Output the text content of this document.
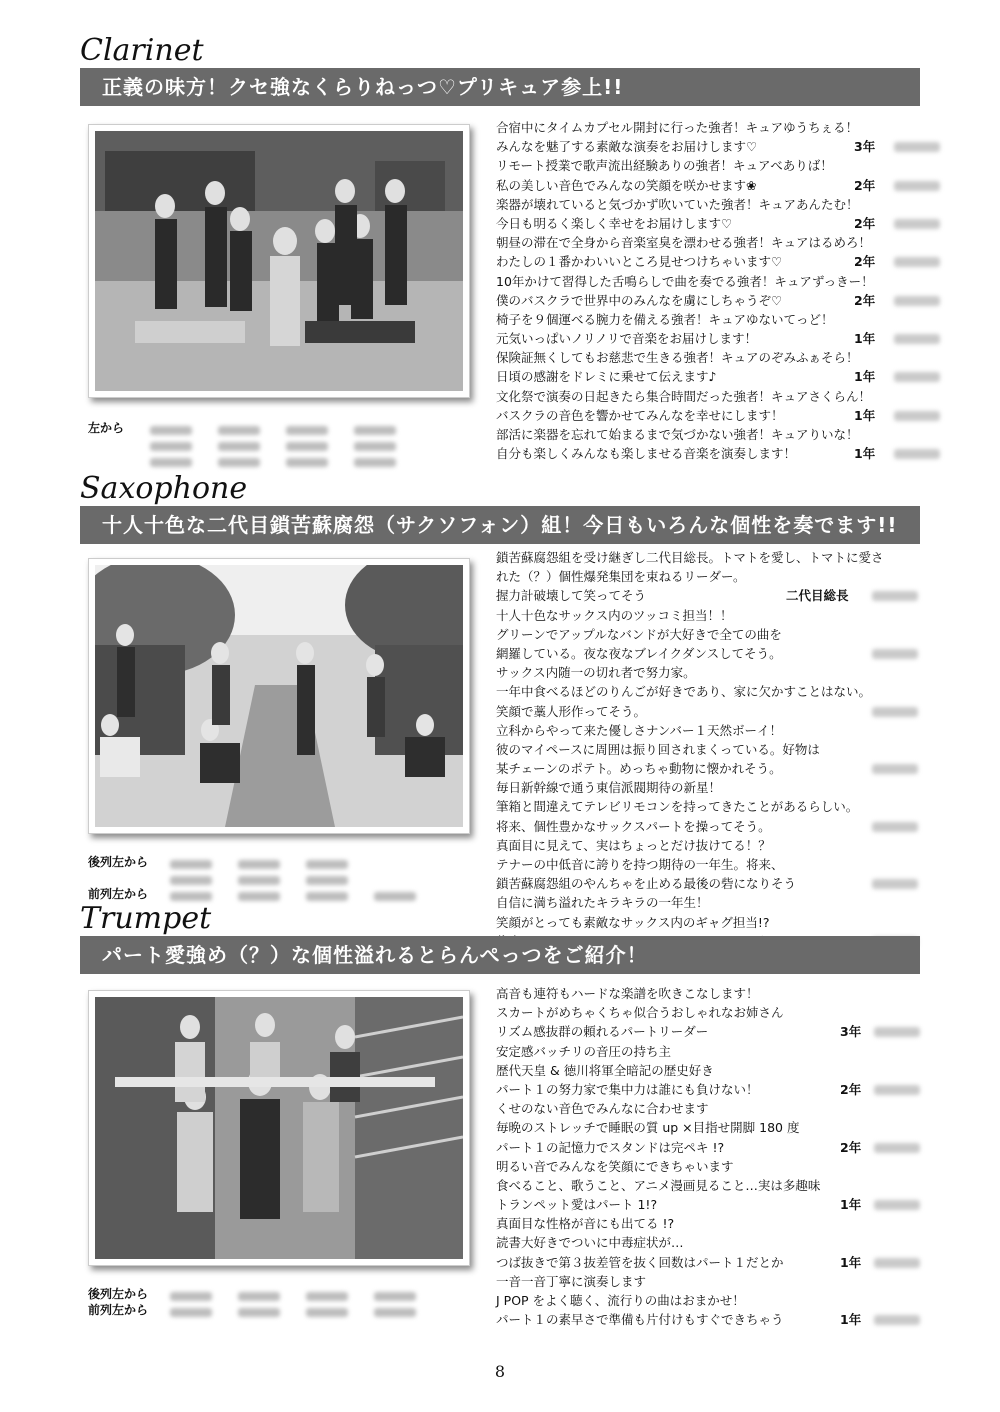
Clarinet
正義の味方！クセ強なくらりねっつ♡プリキュア参上!!
左から
合宿中にタイムカプセル開封に行った強者！キュアゆうちぇる！
みんなを魅了する素敵な演奏をお届けします♡	3年
リモート授業で歌声流出経験ありの強者！キュアべありば！
私の美しい音色でみんなの笑顔を咲かせます❀	2年
楽器が壊れていると気づかず吹いていた強者！キュアあんたむ！
今日も明るく楽しく幸せをお届けします♡	2年
朝昼の滞在で全身から音楽室臭を漂わせる強者！キュアはるめろ！
わたしの１番かわいいところ見せつけちゃいます♡	2年
10年かけて習得した舌鳴らしで曲を奏でる強者！キュアずっきー！
僕のバスクラで世界中のみんなを虜にしちゃうぞ♡	2年
椅子を９個運べる腕力を備える強者！キュアゆないてっど！
元気いっぱいノリノリで音楽をお届けします！	1年
保険証無くしてもお慈悲で生きる強者！キュアのぞみふぁそら！
日頃の感謝をドレミに乗せて伝えます♪	1年
文化祭で演奏の日起きたら集合時間だった強者！キュアさくらん！
バスクラの音色を響かせてみんなを幸せにします！	1年
部活に楽器を忘れて始まるまで気づかない強者！キュアりいな！
自分も楽しくみんなも楽しませる音楽を演奏します！	1年
Saxophone
十人十色な二代目鎖苦蘇腐怨（サクソフォン）組！今日もいろんな個性を奏でます!!
後列左から
前列左から
鎖苦蘇腐怨組を受け継ぎし二代目総長。トマトを愛し、トマトに愛さ
れた（？）個性爆発集団を束ねるリーダー。
握力計破壊して笑ってそう	二代目総長
十人十色なサックス内のツッコミ担当！！
グリーンでアップルなバンドが大好きで全ての曲を
網羅している。夜な夜なブレイクダンスしてそう。
サックス内随一の切れ者で努力家。
一年中食べるほどのりんごが好きであり、家に欠かすことはない。
笑顔で藁人形作ってそう。
立科からやって来た優しさナンバー１天然ボーイ！
彼のマイペースに周囲は振り回されまくっている。好物は
某チェーンのポテト。めっちゃ動物に懐かれそう。
毎日新幹線で通う東信派閥期待の新星！
筆箱と間違えてテレビリモコンを持ってきたことがあるらしい。
将来、個性豊かなサックスパートを操ってそう。
真面目に見えて、実はちょっとだけ抜けてる！？
テナーの中低音に誇りを持つ期待の一年生。将来、
鎖苦蘇腐怨組のやんちゃを止める最後の砦になりそう
自信に満ち溢れたキラキラの一年生！
笑顔がとっても素敵なサックス内のギャグ担当!?
Trumpet
パート愛強め（？）な個性溢れるとらんぺっつをご紹介！
後列左から
前列左から
高音も連符もハードな楽譜を吹きこなします！
スカートがめちゃくちゃ似合うおしゃれなお姉さん
リズム感抜群の頼れるパートリーダー	3年
安定感バッチリの音圧の持ち主
歴代天皇 & 徳川将軍全暗記の歴史好き
パート１の努力家で集中力は誰にも負けない！	2年
くせのない音色でみんなに合わせます
毎晩のストレッチで睡眠の質 up ×目指せ開脚 180 度
パート１の記憶力でスタンドは完ペキ !?	2年
明るい音でみんなを笑顔にできちゃいます
食べること、歌うこと、アニメ漫画見ること…実は多趣味
トランペット愛はパート 1!?	1年
真面目な性格が音にも出てる !?
読書大好きでついに中毒症状が…
つば抜きで第３抜差管を抜く回数はパート１だとか	1年
一音一音丁寧に演奏します
J POP をよく聴く、流行りの曲はおまかせ！
パート１の素早さで準備も片付けもすぐできちゃう	1年
8
